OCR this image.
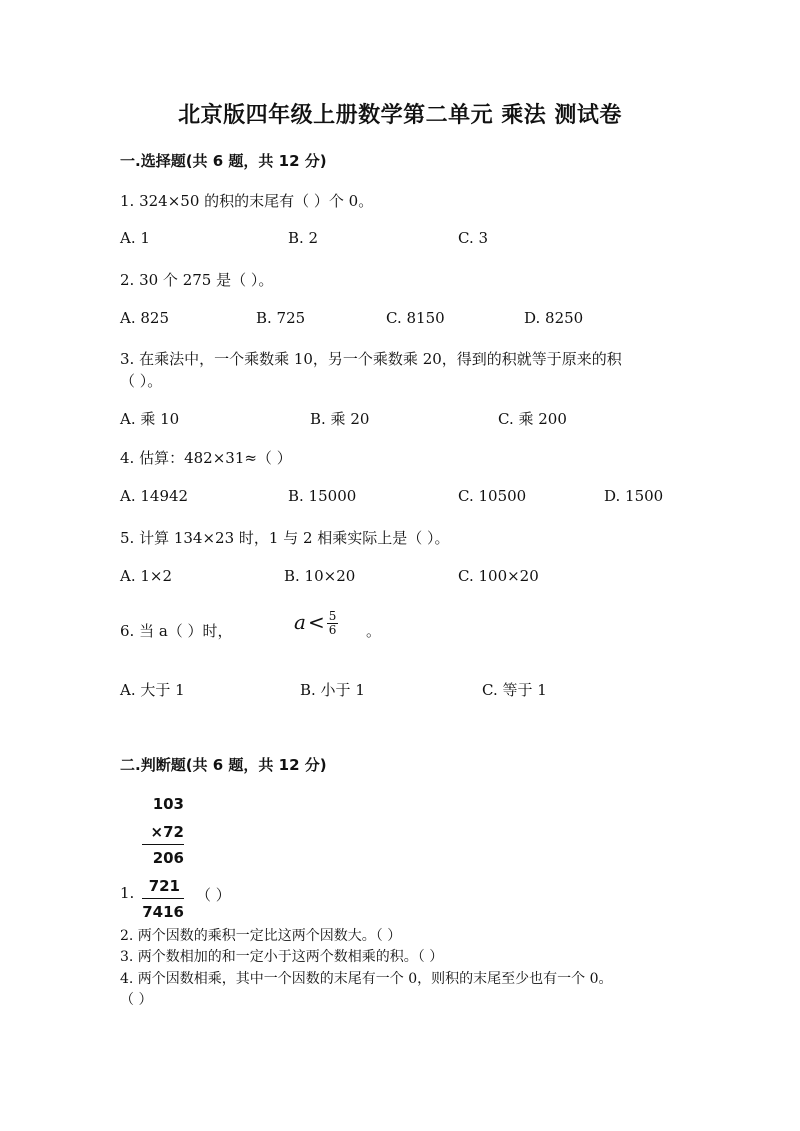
北京版四年级上册数学第二单元 乘法 测试卷
一.选择题(共 6 题，共 12 分)
1. 324×50 的积的末尾有（ ）个 0。
A. 1	B. 2	C. 3
2. 30 个 275 是（ ）。
A. 825	B. 725	C. 8150	D. 8250
3. 在乘法中，一个乘数乘 10，另一个乘数乘 20，得到的积就等于原来的积
（ ）。
A. 乘 10	B. 乘 20	C. 乘 200
4. 估算：482×31≈（ ）
A. 14942	B. 15000	C. 10500	D. 1500
5. 计算 134×23 时，1 与 2 相乘实际上是（ ）。
A. 1×2	B. 10×20	C. 100×20
6. 当 a（ ）时，	$a < \frac{5}{6}$ 。
A. 大于 1	B. 小于 1	C. 等于 1
二.判断题(共 6 题，共 12 分)
103
×72
206
1. 721
7416
（ ）
2. 两个因数的乘积一定比这两个因数大。（ ）
3. 两个数相加的和一定小于这两个数相乘的积。（ ）
4. 两个因数相乘，其中一个因数的末尾有一个 0，则积的末尾至少也有一个 0。
（ ）
